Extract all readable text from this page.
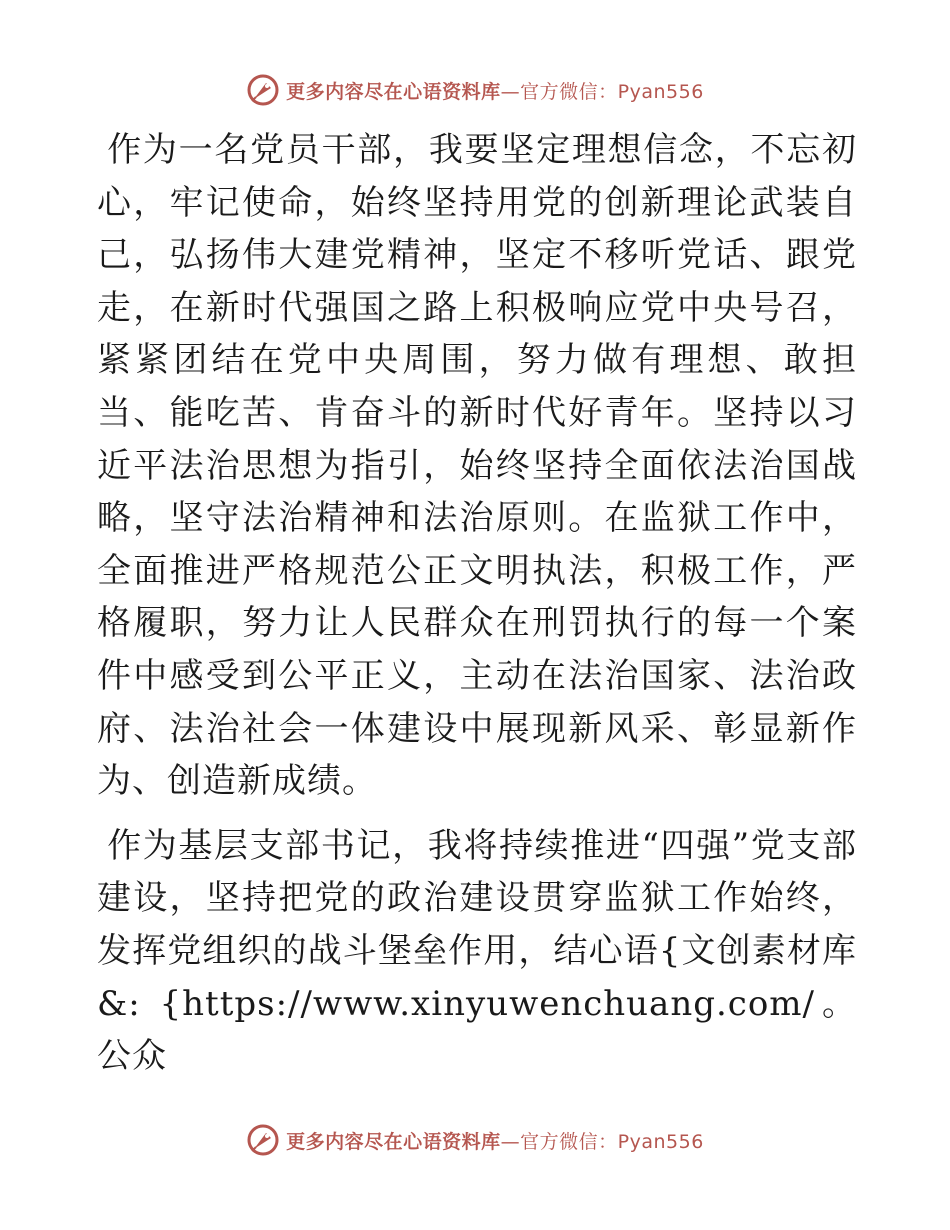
更多内容尽在心语资料库—官方微信：Pyan556

作为一名党员干部，我要坚定理想信念，不忘初心，牢记使命，始终坚持用党的创新理论武装自己，弘扬伟大建党精神，坚定不移听党话、跟党走，在新时代强国之路上积极响应党中央号召，紧紧团结在党中央周围，努力做有理想、敢担当、能吃苦、肯奋斗的新时代好青年。坚持以习近平法治思想为指引，始终坚持全面依法治国战略，坚守法治精神和法治原则。在监狱工作中，全面推进严格规范公正文明执法，积极工作，严格履职，努力让人民群众在刑罚执行的每一个案件中感受到公平正义，主动在法治国家、法治政府、法治社会一体建设中展现新风采、彰显新作为、创造新成绩。

作为基层支部书记，我将持续推进“四强”党支部建设，坚持把党的政治建设贯穿监狱工作始终，发挥党组织的战斗堡垒作用，结心语{文创素材库&: {https://www.xinyuwenchuang.com/。公众

更多内容尽在心语资料库—官方微信：Pyan556
